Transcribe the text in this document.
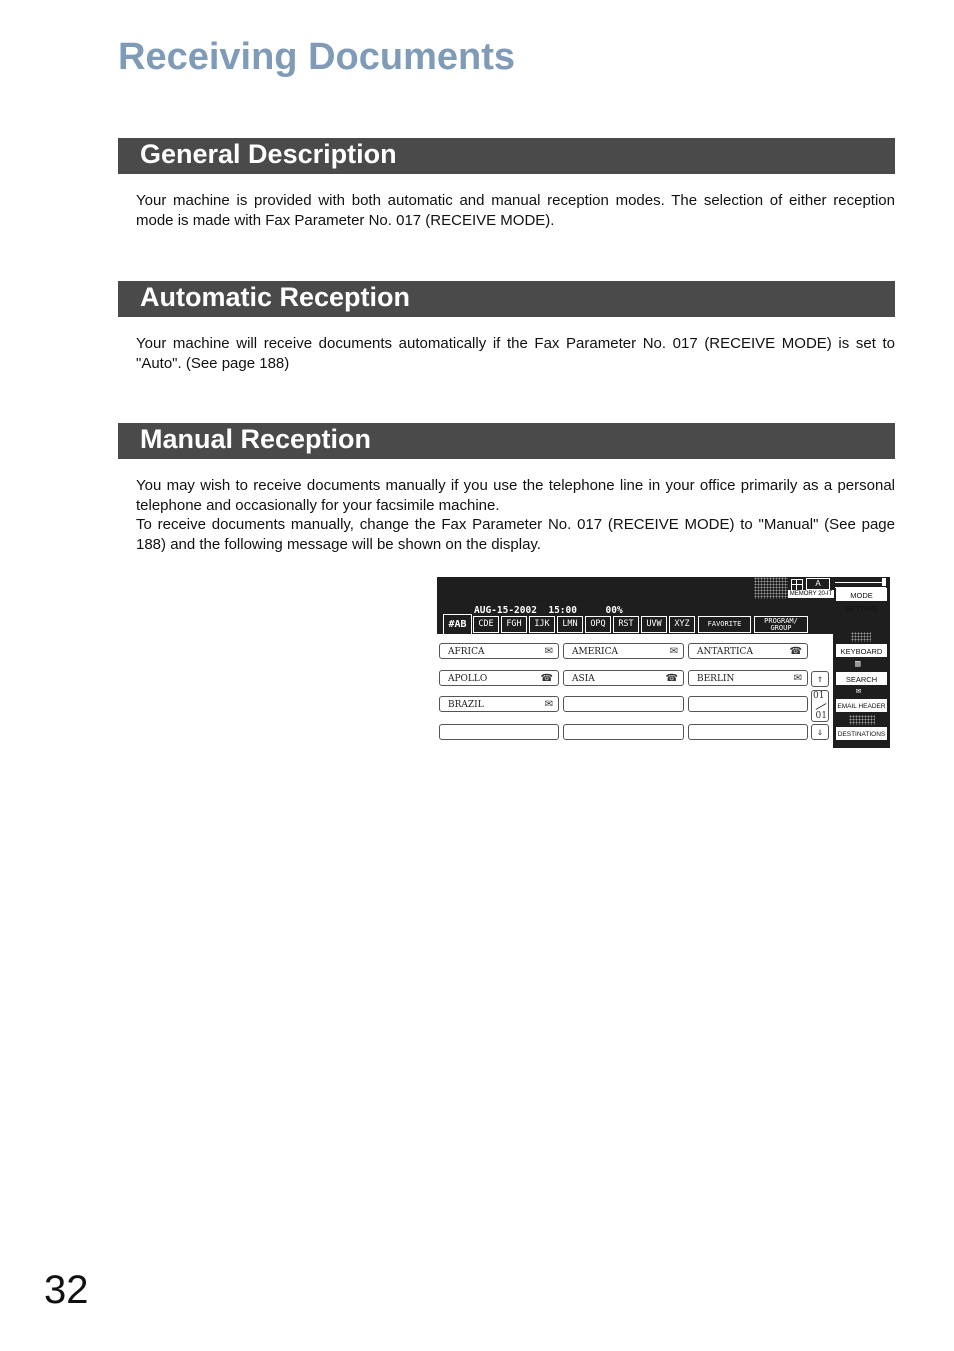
Receiving Documents
General Description

Your machine is provided with both automatic and manual reception modes. The selection of either reception mode is made with Fax Parameter No. 017 (RECEIVE MODE).

Automatic Reception

Your machine will receive documents automatically if the Fax Parameter No. 017 (RECEIVE MODE) is set to "Auto". (See page 188)

Manual Reception

You may wish to receive documents manually if you use the telephone line in your office primarily as a personal telephone and occasionally for your facsimile machine.

To receive documents manually, change the Fax Parameter No. 017 (RECEIVE MODE) to "Manual" (See page 188) and the following message will be shown on the display.

AUG-15-2002  15:00     00%

A
MEMORY 20-IT	MODE SETTING
#AB	CDE	FGH	IJK	LMN	OPQ	RST	UVW	XYZ	FAVORITE	PROGRAM/ GROUP
AFRICA	✉	AMERICA	✉	ANTARTICA	☎
APOLLO	☎	ASIA	☎	BERLIN	✉
BRAZIL	✉
⇑
01
01
⇓
KEYBOARD
▥
SEARCH
✉
EMAIL HEADER
DESTINATIONS
32
